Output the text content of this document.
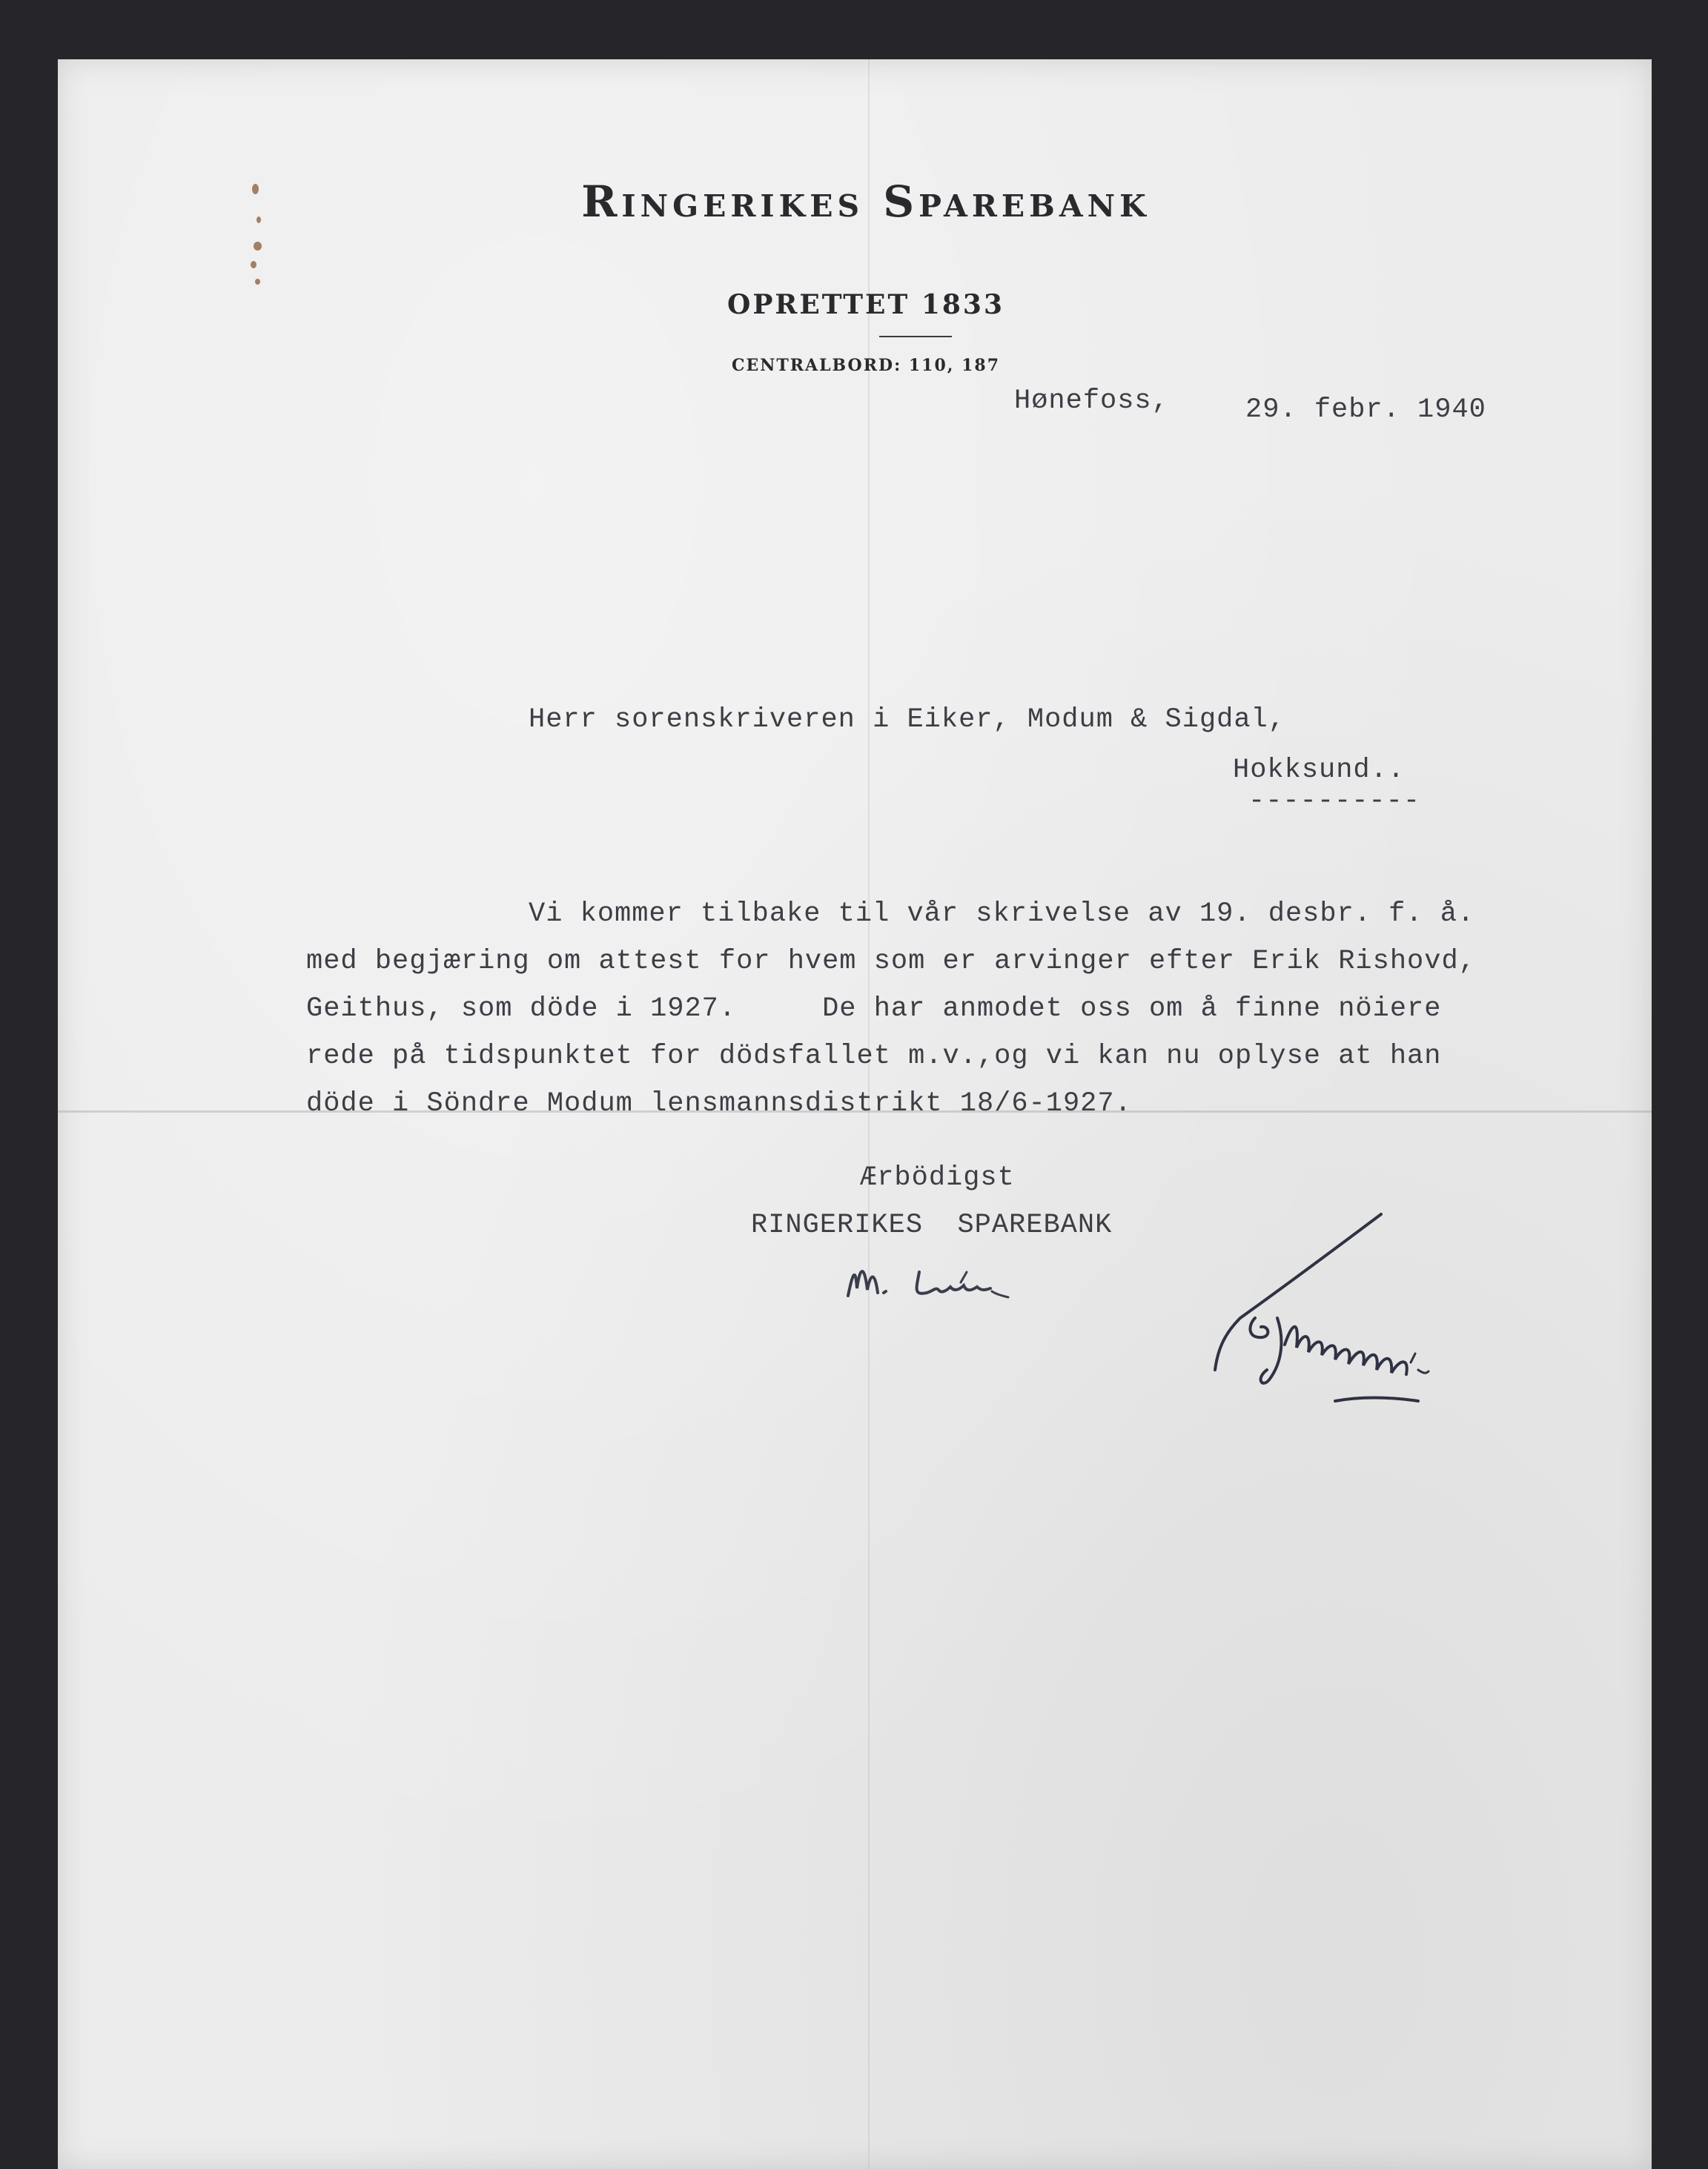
Ringerikes Sparebank
OPRETTET 1833
CENTRALBORD: 110, 187
Hønefoss,	29. febr. 1940
Herr sorenskriveren i Eiker, Modum & Sigdal,
Hokksund..
----------
Vi kommer tilbake til vår skrivelse av 19. desbr. f. å.
med begjæring om attest for hvem som er arvinger efter Erik Rishovd,
Geithus, som döde i 1927.     De har anmodet oss om å finne nöiere
rede på tidspunktet for dödsfallet m.v.,og vi kan nu oplyse at han
döde i Söndre Modum lensmannsdistrikt 18/6-1927.
Ærbödigst
RINGERIKES  SPAREBANK
